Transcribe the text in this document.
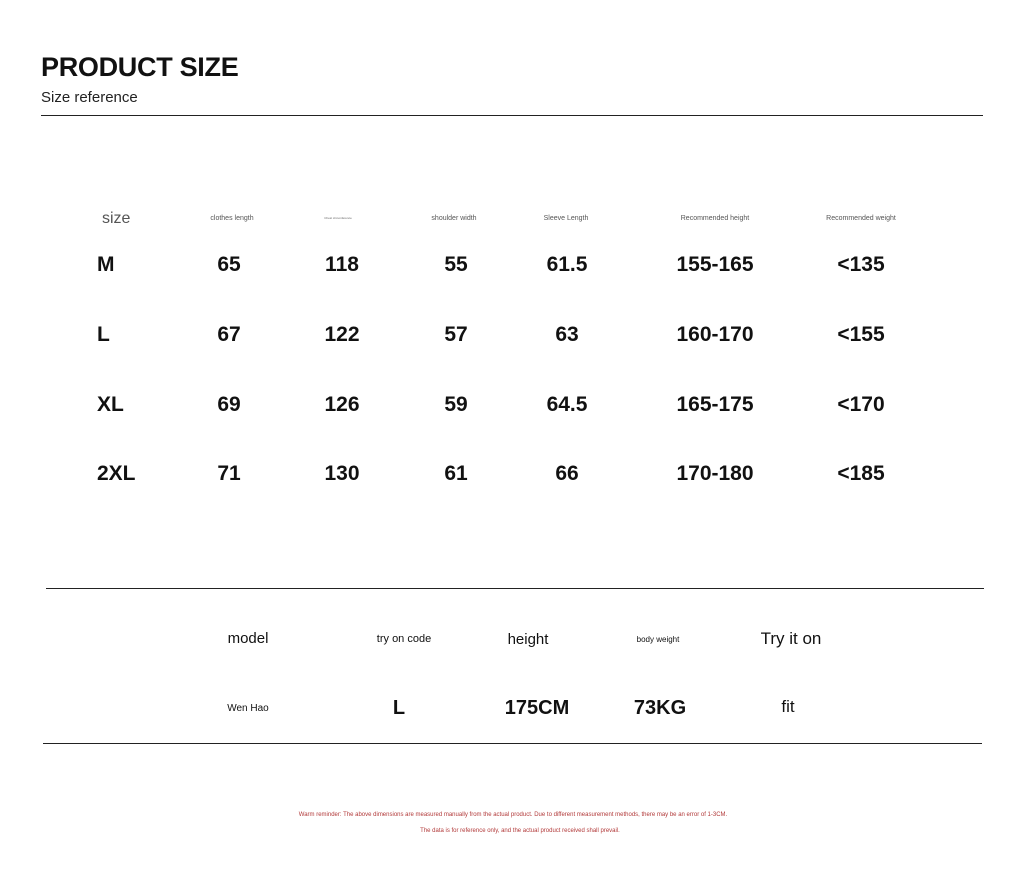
PRODUCT SIZE
Size reference
size	clothes length	Chest circumference	shoulder width	Sleeve Length	Recommended height	Recommended weight
M	65	118	55	61.5	155-165	<135
L	67	122	57	63	160-170	<155
XL	69	126	59	64.5	165-175	<170
2XL	71	130	61	66	170-180	<185
model	try on code	height	body weight	Try it on
Wen Hao	L	175CM	73KG	fit
Warm reminder: The above dimensions are measured manually from the actual product. Due to different measurement methods, there may be an error of 1-3CM.
The data is for reference only, and the actual product received shall prevail.
